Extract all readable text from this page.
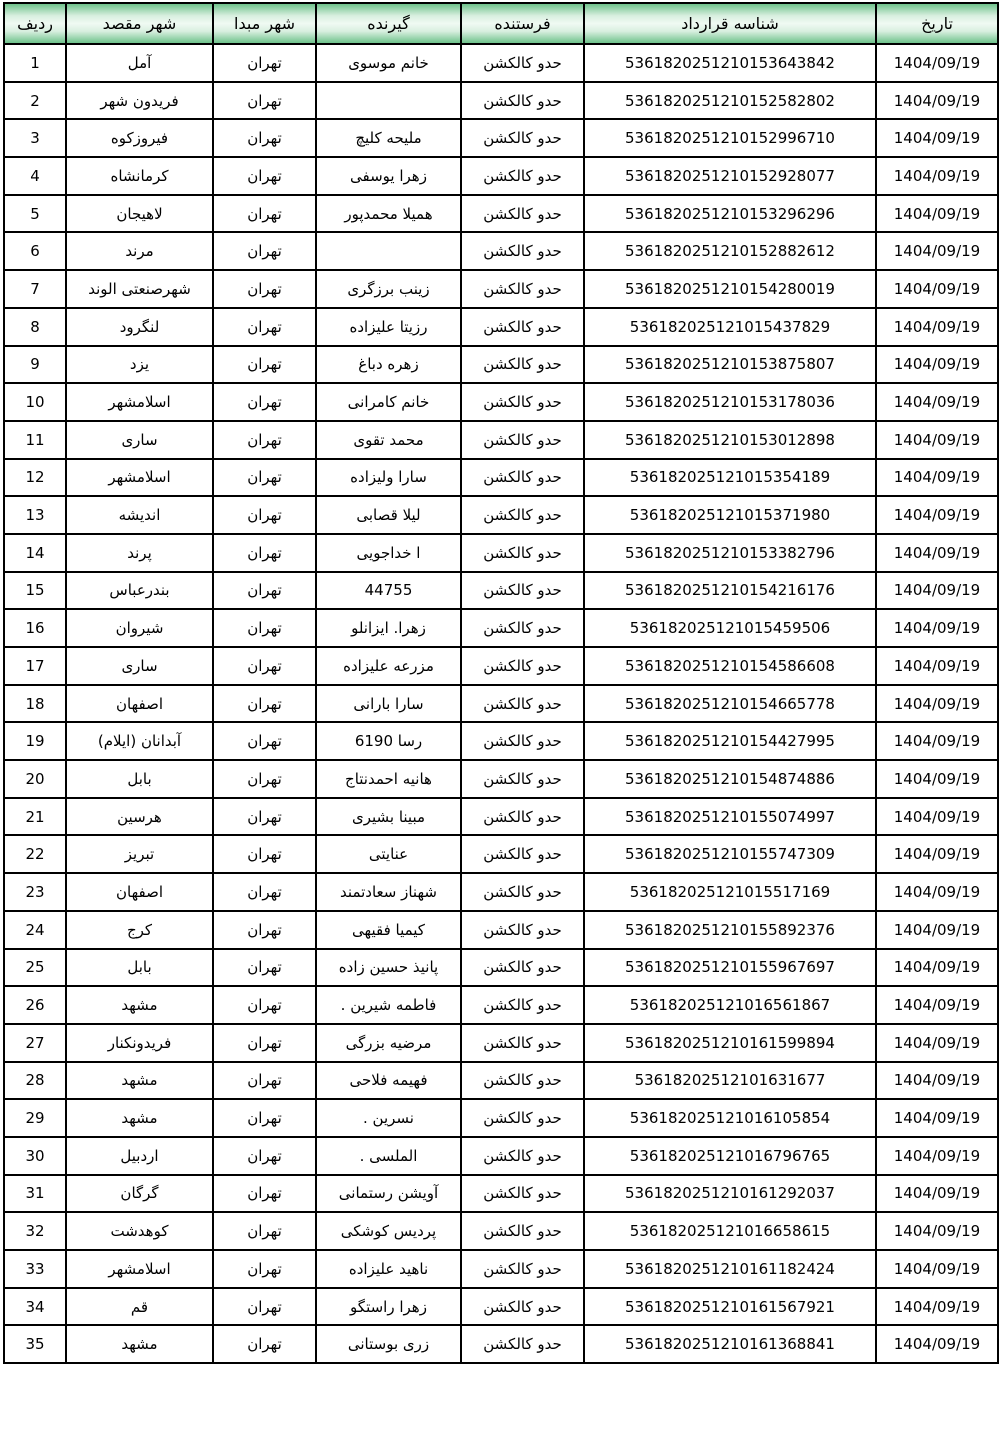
تاریخ	شناسه قرارداد	فرستنده	گیرنده	شهر مبدا	شهر مقصد	ردیف
1404/09/19	5361820251210153643842	حدو کالکشن	خانم موسوی	تهران	آمل	1
1404/09/19	5361820251210152582802	حدو کالکشن		تهران	فریدون شهر	2
1404/09/19	5361820251210152996710	حدو کالکشن	ملیحه کلیچ	تهران	فیروزکوه	3
1404/09/19	5361820251210152928077	حدو کالکشن	زهرا یوسفی	تهران	کرمانشاه	4
1404/09/19	5361820251210153296296	حدو کالکشن	همیلا محمدپور	تهران	لاهیجان	5
1404/09/19	5361820251210152882612	حدو کالکشن		تهران	مرند	6
1404/09/19	5361820251210154280019	حدو کالکشن	زینب برزگری	تهران	شهرصنعتی الوند	7
1404/09/19	536182025121015437829	حدو کالکشن	رزیتا علیزاده	تهران	لنگرود	8
1404/09/19	5361820251210153875807	حدو کالکشن	زهره دباغ	تهران	یزد	9
1404/09/19	5361820251210153178036	حدو کالکشن	خانم کامرانی	تهران	اسلامشهر	10
1404/09/19	5361820251210153012898	حدو کالکشن	محمد تقوی	تهران	ساری	11
1404/09/19	536182025121015354189	حدو کالکشن	سارا ولیزاده	تهران	اسلامشهر	12
1404/09/19	536182025121015371980	حدو کالکشن	لیلا قصابی	تهران	اندیشه	13
1404/09/19	5361820251210153382796	حدو کالکشن	ا خداجویی	تهران	پرند	14
1404/09/19	5361820251210154216176	حدو کالکشن	44755	تهران	بندرعباس	15
1404/09/19	536182025121015459506	حدو کالکشن	زهرا. ایزانلو	تهران	شیروان	16
1404/09/19	5361820251210154586608	حدو کالکشن	مزرعه علیزاده	تهران	ساری	17
1404/09/19	5361820251210154665778	حدو کالکشن	سارا بارانی	تهران	اصفهان	18
1404/09/19	5361820251210154427995	حدو کالکشن	رسا 6190	تهران	آبدانان (ایلام)	19
1404/09/19	5361820251210154874886	حدو کالکشن	هانیه احمدنتاج	تهران	بابل	20
1404/09/19	5361820251210155074997	حدو کالکشن	مبینا بشیری	تهران	هرسین	21
1404/09/19	5361820251210155747309	حدو کالکشن	عنایتی	تهران	تبریز	22
1404/09/19	536182025121015517169	حدو کالکشن	شهناز سعادتمند	تهران	اصفهان	23
1404/09/19	5361820251210155892376	حدو کالکشن	کیمیا فقیهی	تهران	کرج	24
1404/09/19	5361820251210155967697	حدو کالکشن	پانیذ حسین زاده	تهران	بابل	25
1404/09/19	536182025121016561867	حدو کالکشن	فاطمه شیرین .	تهران	مشهد	26
1404/09/19	5361820251210161599894	حدو کالکشن	مرضیه بزرگی	تهران	فریدونکنار	27
1404/09/19	53618202512101631677	حدو کالکشن	فهیمه فلاحی	تهران	مشهد	28
1404/09/19	536182025121016105854	حدو کالکشن	نسرین .	تهران	مشهد	29
1404/09/19	536182025121016796765	حدو کالکشن	الملسی .	تهران	اردبیل	30
1404/09/19	5361820251210161292037	حدو کالکشن	آویشن رستمانی	تهران	گرگان	31
1404/09/19	536182025121016658615	حدو کالکشن	پردیس کوشکی	تهران	کوهدشت	32
1404/09/19	5361820251210161182424	حدو کالکشن	ناهید علیزاده	تهران	اسلامشهر	33
1404/09/19	5361820251210161567921	حدو کالکشن	زهرا راستگو	تهران	قم	34
1404/09/19	5361820251210161368841	حدو کالکشن	زری بوستانی	تهران	مشهد	35
